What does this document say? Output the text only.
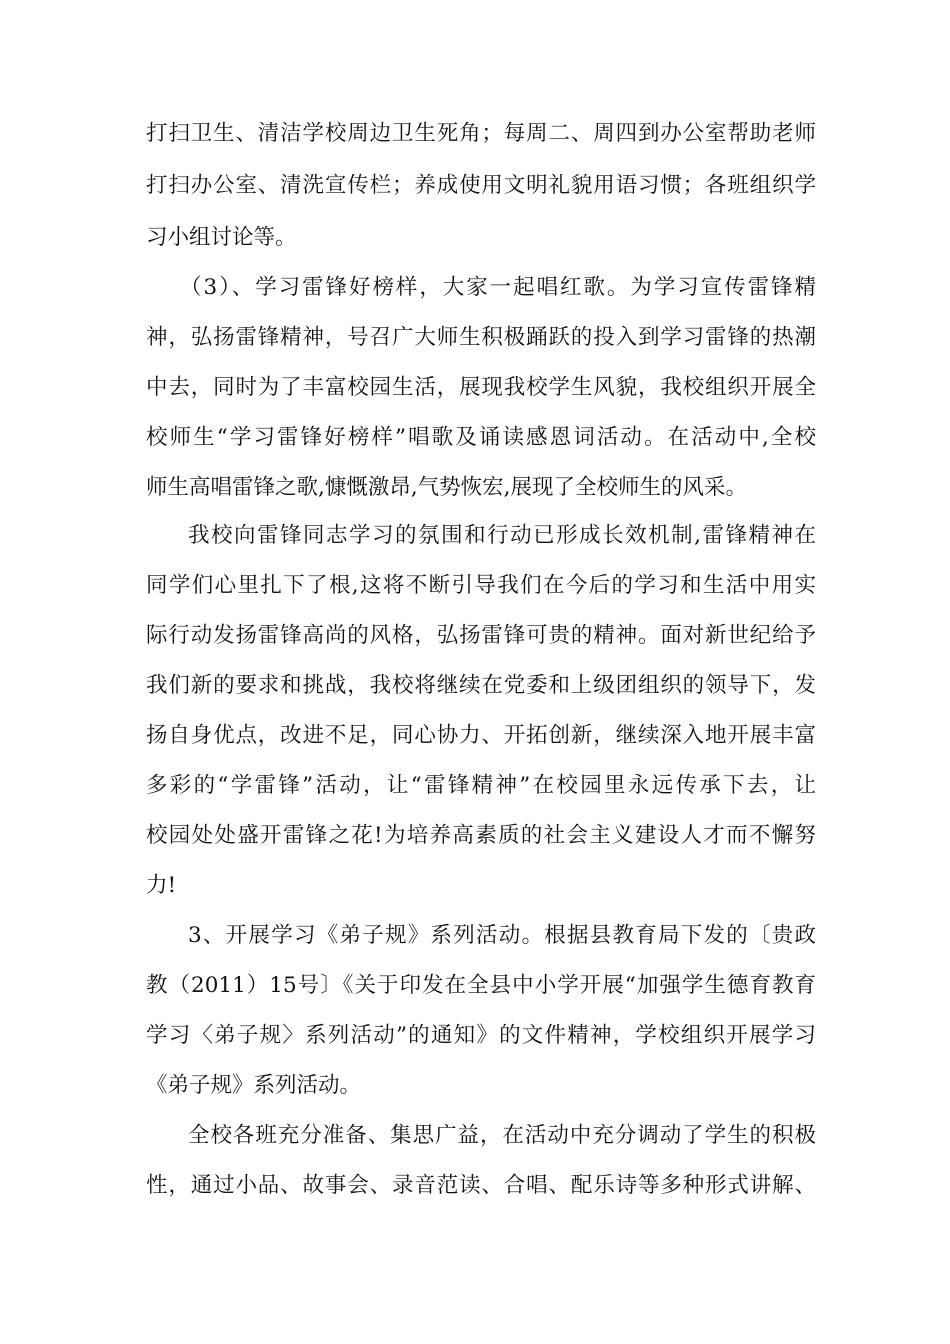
打扫卫生、清洁学校周边卫生死角；每周二、周四到办公室帮助老师
打扫办公室、清洗宣传栏；养成使用文明礼貌用语习惯；各班组织学
习小组讨论等。
（3）、学习雷锋好榜样，大家一起唱红歌。为学习宣传雷锋精
神，弘扬雷锋精神，号召广大师生积极踊跃的投入到学习雷锋的热潮
中去，同时为了丰富校园生活，展现我校学生风貌，我校组织开展全
校师生“学习雷锋好榜样”唱歌及诵读感恩词活动。在活动中,全校
师生高唱雷锋之歌,慷慨激昂,气势恢宏,展现了全校师生的风采。
我校向雷锋同志学习的氛围和行动已形成长效机制,雷锋精神在
同学们心里扎下了根,这将不断引导我们在今后的学习和生活中用实
际行动发扬雷锋高尚的风格，弘扬雷锋可贵的精神。面对新世纪给予
我们新的要求和挑战，我校将继续在党委和上级团组织的领导下，发
扬自身优点，改进不足，同心协力、开拓创新，继续深入地开展丰富
多彩的“学雷锋”活动，让“雷锋精神”在校园里永远传承下去，让
校园处处盛开雷锋之花!为培养高素质的社会主义建设人才而不懈努
力!
3、开展学习《弟子规》系列活动。根据县教育局下发的〔贵政
教（2011）15号〕《关于印发在全县中小学开展“加强学生德育教育
学习〈弟子规〉系列活动”的通知》的文件精神，学校组织开展学习
《弟子规》系列活动。
全校各班充分准备、集思广益，在活动中充分调动了学生的积极
性，通过小品、故事会、录音范读、合唱、配乐诗等多种形式讲解、
